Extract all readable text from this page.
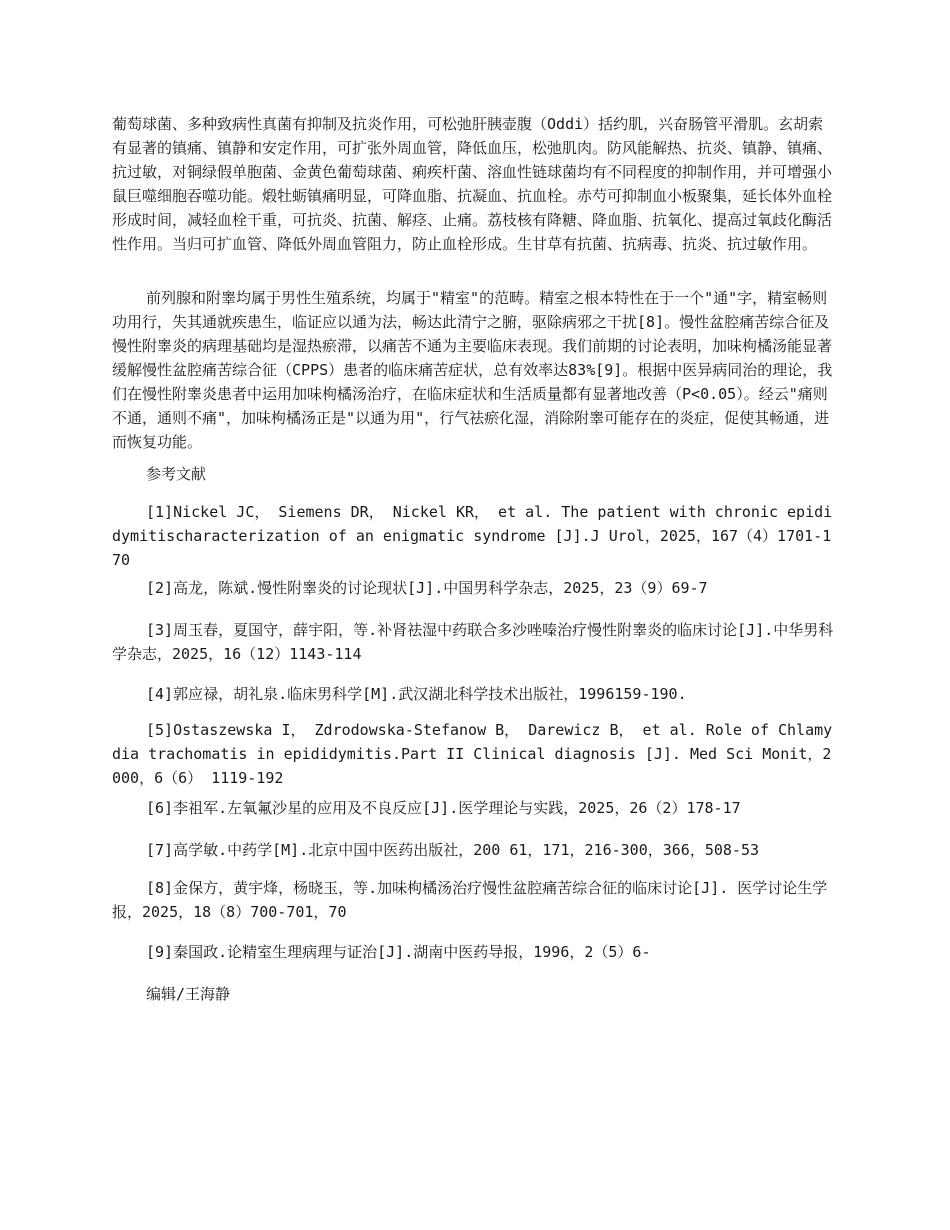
葡萄球菌、多种致病性真菌有抑制及抗炎作用，可松弛肝胰壶腹（Oddi）括约肌，兴奋肠管平滑肌。玄胡索有显著的镇痛、镇静和安定作用，可扩张外周血管，降低血压，松弛肌肉。防风能解热、抗炎、镇静、镇痛、抗过敏，对铜绿假单胞菌、金黄色葡萄球菌、痢疾杆菌、溶血性链球菌均有不同程度的抑制作用，并可增强小鼠巨噬细胞吞噬功能。煅牡蛎镇痛明显，可降血脂、抗凝血、抗血栓。赤芍可抑制血小板聚集，延长体外血栓形成时间，减轻血栓干重，可抗炎、抗菌、解痉、止痛。荔枝核有降糖、降血脂、抗氧化、提高过氧歧化酶活性作用。当归可扩血管、降低外周血管阻力，防止血栓形成。生甘草有抗菌、抗病毒、抗炎、抗过敏作用。

前列腺和附睾均属于男性生殖系统，均属于"精室"的范畴。精室之根本特性在于一个"通"字，精室畅则功用行，失其通就疾患生，临证应以通为法，畅达此清宁之腑，驱除病邪之干扰[8]。慢性盆腔痛苦综合征及慢性附睾炎的病理基础均是湿热瘀滞，以痛苦不通为主要临床表现。我们前期的讨论表明，加味枸橘汤能显著缓解慢性盆腔痛苦综合征（CPPS）患者的临床痛苦症状，总有效率达83%[9]。根据中医异病同治的理论，我们在慢性附睾炎患者中运用加味枸橘汤治疗，在临床症状和生活质量都有显著地改善（P<0.05）。经云"痛则不通，通则不痛"，加味枸橘汤正是"以通为用"，行气祛瘀化湿，消除附睾可能存在的炎症，促使其畅通，进而恢复功能。

参考文献

[1]Nickel JC， Siemens DR， Nickel KR， et al. The patient with chronic epididymitischaracterization of an enigmatic syndrome [J].J Urol，2025，167（4）1701-170

[2]高龙，陈斌.慢性附睾炎的讨论现状[J].中国男科学杂志，2025，23（9）69-7

[3]周玉春，夏国守，薛宇阳，等.补肾祛湿中药联合多沙唑嗪治疗慢性附睾炎的临床讨论[J].中华男科学杂志，2025，16（12）1143-114

[4]郭应禄，胡礼泉.临床男科学[M].武汉湖北科学技术出版社，1996159-190.

[5]Ostaszewska I， Zdrodowska-Stefanow B， Darewicz B， et al. Role of Chlamydia trachomatis in epididymitis.Part II Clinical diagnosis [J]. Med Sci Monit，2000，6（6） 1119-192

[6]李祖军.左氧氟沙星的应用及不良反应[J].医学理论与实践，2025，26（2）178-17

[7]高学敏.中药学[M].北京中国中医药出版社，200 61，171，216-300，366，508-53

[8]金保方，黄宇烽，杨晓玉，等.加味枸橘汤治疗慢性盆腔痛苦综合征的临床讨论[J]. 医学讨论生学报，2025，18（8）700-701，70

[9]秦国政.论精室生理病理与证治[J].湖南中医药导报，1996，2（5）6-

编辑/王海静
